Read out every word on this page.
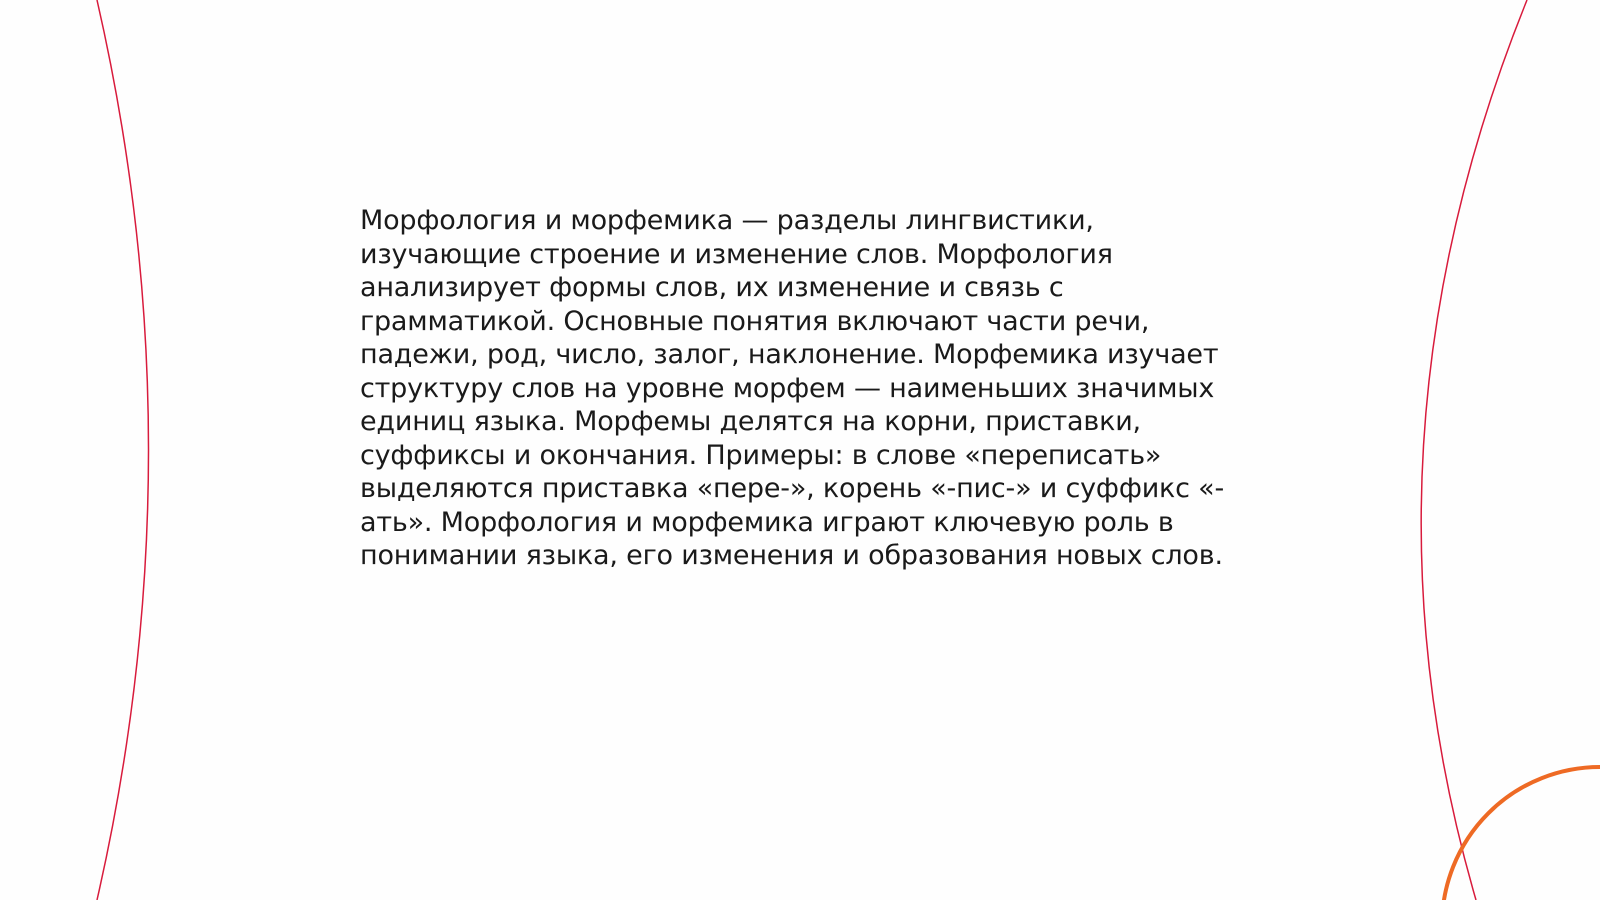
Морфология и морфемика — разделы лингвистики,
изучающие строение и изменение слов. Морфология
анализирует формы слов, их изменение и связь с
грамматикой. Основные понятия включают части речи,
падежи, род, число, залог, наклонение. Морфемика изучает
структуру слов на уровне морфем — наименьших значимых
единиц языка. Морфемы делятся на корни, приставки,
суффиксы и окончания. Примеры: в слове «переписать»
выделяются приставка «пере-», корень «-пис-» и суффикс «-
ать». Морфология и морфемика играют ключевую роль в
понимании языка, его изменения и образования новых слов.
